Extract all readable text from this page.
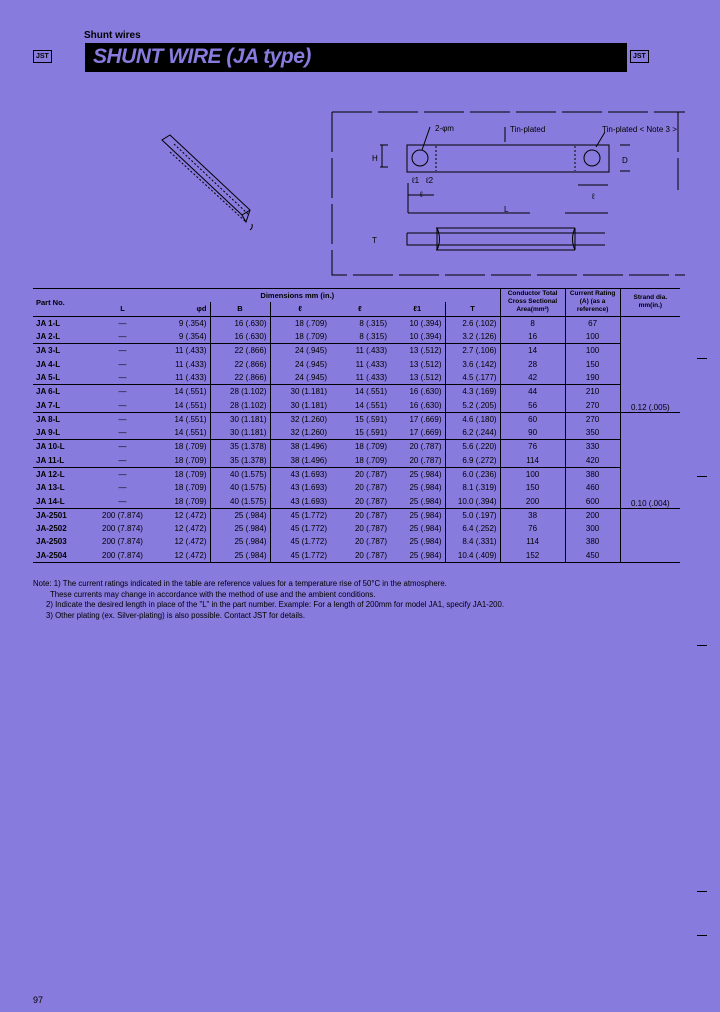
Shunt wires
JST SHUNT WIRE (JA type)	JST
2-φm	Tin-plated	Tin-plated < Note 3 >
H	D
ℓ1 ℓ2
ℓ	ℓ
L
T
Part No.	Dimensions mm (in.)							Conductor Total Cross Sectional Area(mm²)	Current Rating (A) (as a reference)	Strand dia. mm(in.)
	L	φd	B	ℓ	ℓ	ℓ1	T			
JA 1-L	—	9 (.354)	16 (.630)	18 (.709)	8 (.315)	10 (.394)	2.6 (.102)	8	67	0.12 (.005)
JA 2-L	—	9 (.354)	16 (.630)	18 (.709)	8 (.315)	10 (.394)	3.2 (.126)	16	100	
JA 3-L	—	11 (.433)	22 (.866)	24 (.945)	11 (.433)	13 (.512)	2.7 (.106)	14	100	
JA 4-L	—	11 (.433)	22 (.866)	24 (.945)	11 (.433)	13 (.512)	3.6 (.142)	28	150	
JA 5-L	—	11 (.433)	22 (.866)	24 (.945)	11 (.433)	13 (.512)	4.5 (.177)	42	190	
JA 6-L	—	14 (.551)	28 (1.102)	30 (1.181)	14 (.551)	16 (.630)	4.3 (.169)	44	210	
JA 7-L	—	14 (.551)	28 (1.102)	30 (1.181)	14 (.551)	16 (.630)	5.2 (.205)	56	270	
JA 8-L	—	14 (.551)	30 (1.181)	32 (1.260)	15 (.591)	17 (.669)	4.6 (.180)	60	270	0.10 (.004)
JA 9-L	—	14 (.551)	30 (1.181)	32 (1.260)	15 (.591)	17 (.669)	6.2 (.244)	90	350	
JA 10-L	—	18 (.709)	35 (1.378)	38 (1.496)	18 (.709)	20 (.787)	5.6 (.220)	76	330	
JA 11-L	—	18 (.709)	35 (1.378)	38 (1.496)	18 (.709)	20 (.787)	6.9 (.272)	114	420	
JA 12-L	—	18 (.709)	40 (1.575)	43 (1.693)	20 (.787)	25 (.984)	6.0 (.236)	100	380	
JA 13-L	—	18 (.709)	40 (1.575)	43 (1.693)	20 (.787)	25 (.984)	8.1 (.319)	150	460	
JA 14-L	—	18 (.709)	40 (1.575)	43 (1.693)	20 (.787)	25 (.984)	10.0 (.394)	200	600	
JA-2501	200 (7.874)	12 (.472)	25 (.984)	45 (1.772)	20 (.787)	25 (.984)	5.0 (.197)	38	200	
JA-2502	200 (7.874)	12 (.472)	25 (.984)	45 (1.772)	20 (.787)	25 (.984)	6.4 (.252)	76	300	
JA-2503	200 (7.874)	12 (.472)	25 (.984)	45 (1.772)	20 (.787)	25 (.984)	8.4 (.331)	114	380	
JA-2504	200 (7.874)	12 (.472)	25 (.984)	45 (1.772)	20 (.787)	25 (.984)	10.4 (.409)	152	450	
Note: 1) The current ratings indicated in the table are reference values for a temperature rise of 50°C in the atmosphere.
These currents may change in accordance with the method of use and the ambient conditions.
2) Indicate the desired length in place of the "L" in the part number. Example: For a length of 200mm for model JA1, specify JA1-200.
3) Other plating (ex. Silver-plating) is also possible. Contact JST for details.
97
